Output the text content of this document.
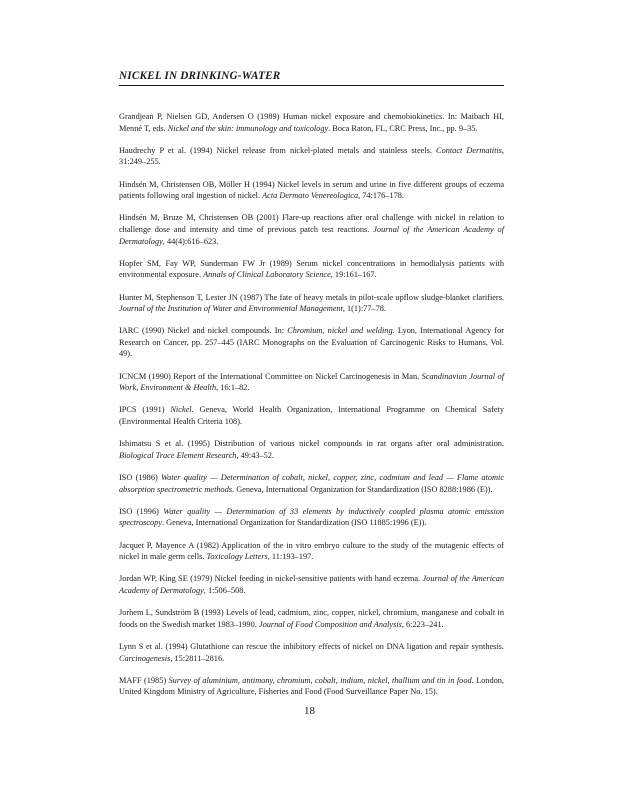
NICKEL IN DRINKING-WATER

Grandjean P, Nielsen GD, Andersen O (1989) Human nickel exposure and chemobiokinetics. In: Maibach HI, Menné T, eds. Nickel and the skin: immunology and toxicology. Boca Raton, FL, CRC Press, Inc., pp. 9–35.

Haudrechy P et al. (1994) Nickel release from nickel-plated metals and stainless steels. Contact Dermatitis, 31:249–255.

Hindsén M, Christensen OB, Möller H (1994) Nickel levels in serum and urine in five different groups of eczema patients following oral ingestion of nickel. Acta Dermato Venereologica, 74:176–178.

Hindsén M, Bruze M, Christensen OB (2001) Flare-up reactions after oral challenge with nickel in relation to challenge dose and intensity and time of previous patch test reactions. Journal of the American Academy of Dermatology, 44(4):616–623.

Hopfer SM, Fay WP, Sunderman FW Jr (1989) Serum nickel concentrations in hemodialysis patients with environmental exposure. Annals of Clinical Laboratory Science, 19:161–167.

Hunter M, Stephenson T, Lester JN (1987) The fate of heavy metals in pilot-scale upflow sludge-blanket clarifiers. Journal of the Institution of Water and Environmental Management, 1(1):77–78.

IARC (1990) Nickel and nickel compounds. In: Chromium, nickel and welding. Lyon, International Agency for Research on Cancer, pp. 257–445 (IARC Monographs on the Evaluation of Carcinogenic Risks to Humans, Vol. 49).

ICNCM (1990) Report of the International Committee on Nickel Carcinogenesis in Man. Scandinavian Journal of Work, Environment & Health, 16:1–82.

IPCS (1991) Nickel. Geneva, World Health Organization, International Programme on Chemical Safety (Environmental Health Criteria 108).

Ishimatsu S et al. (1995) Distribution of various nickel compounds in rat organs after oral administration. Biological Trace Element Research, 49:43–52.

ISO (1986) Water quality — Determination of cobalt, nickel, copper, zinc, cadmium and lead — Flame atomic absorption spectrometric methods. Geneva, International Organization for Standardization (ISO 8288:1986 (E)).

ISO (1996) Water quality — Determination of 33 elements by inductively coupled plasma atomic emission spectroscopy. Geneva, International Organization for Standardization (ISO 11885:1996 (E)).

Jacquet P, Mayence A (1982) Application of the in vitro embryo culture to the study of the mutagenic effects of nickel in male germ cells. Toxicology Letters, 11:193–197.

Jordan WP, King SE (1979) Nickel feeding in nickel-sensitive patients with hand eczema. Journal of the American Academy of Dermatology, 1:506–508.

Jorhem L, Sundström B (1993) Levels of lead, cadmium, zinc, copper, nickel, chromium, manganese and cobalt in foods on the Swedish market 1983–1990. Journal of Food Composition and Analysis, 6:223–241.

Lynn S et al. (1994) Glutathione can rescue the inhibitory effects of nickel on DNA ligation and repair synthesis. Carcinogenesis, 15:2811–2816.

MAFF (1985) Survey of aluminium, antimony, chromium, cobalt, indium, nickel, thallium and tin in food. London, United Kingdom Ministry of Agriculture, Fisheries and Food (Food Surveillance Paper No. 15).

18
